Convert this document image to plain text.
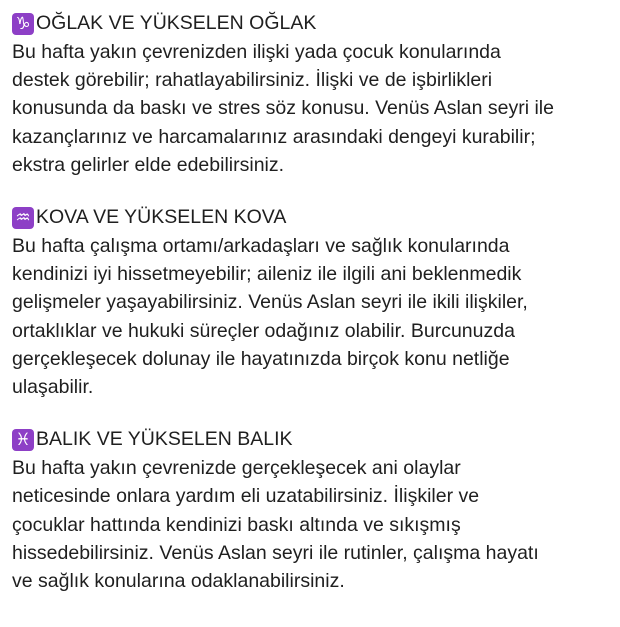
♑ OĞLAK VE YÜKSELEN OĞLAK
Bu hafta yakın çevrenizden ilişki yada çocuk konularında
destek görebilir; rahatlayabilirsiniz. İlişki ve de işbirlikleri
konusunda da baskı ve stres söz konusu. Venüs Aslan seyri ile
kazançlarınız ve harcamalarınız arasındaki dengeyi kurabilir;
ekstra gelirler elde edebilirsiniz.
♒ KOVA VE YÜKSELEN KOVA
Bu hafta çalışma ortamı/arkadaşları ve sağlık konularında
kendinizi iyi hissetmeyebilir; aileniz ile ilgili ani beklenmedik
gelişmeler yaşayabilirsiniz. Venüs Aslan seyri ile ikili ilişkiler,
ortaklıklar ve hukuki süreçler odağınız olabilir. Burcunuzda
gerçekleşecek dolunay ile hayatınızda birçok konu netliğe
ulaşabilir.
♓ BALIK VE YÜKSELEN BALIK
Bu hafta yakın çevrenizde gerçekleşecek ani olaylar
neticesinde onlara yardım eli uzatabilirsiniz. İlişkiler ve
çocuklar hattında kendinizi baskı altında ve sıkışmış
hissedebilirsiniz. Venüs Aslan seyri ile rutinler, çalışma hayatı
ve sağlık konularına odaklanabilirsiniz.
